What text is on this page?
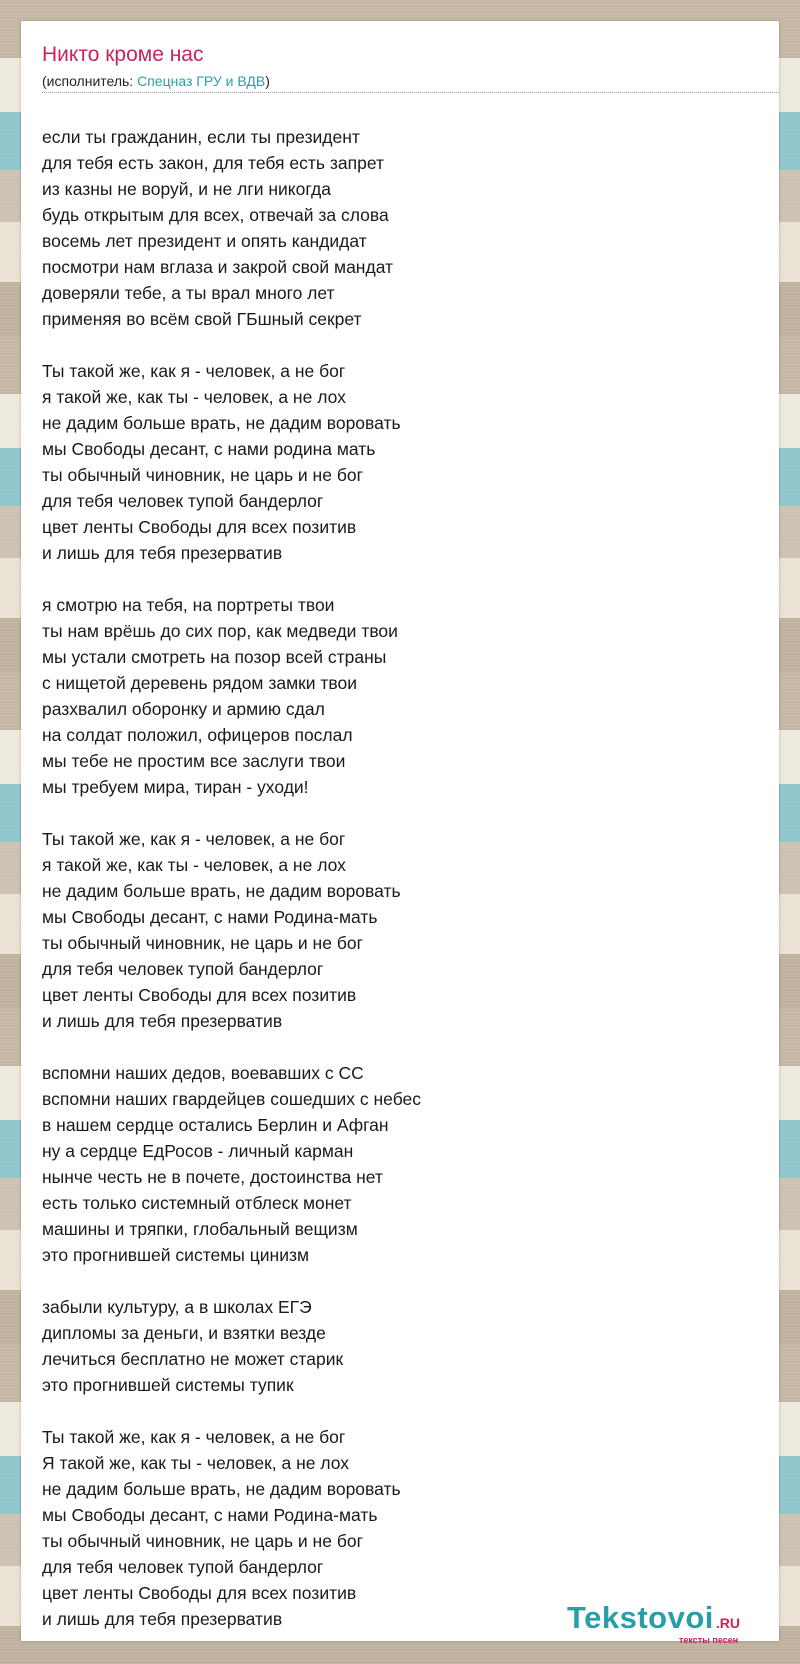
Никто кроме нас
(исполнитель: Спецназ ГРУ и ВДВ)
если ты гражданин, если ты президент
для тебя есть закон, для тебя есть запрет
из казны не воруй, и не лги никогда
будь открытым для всех, отвечай за слова
восемь лет президент и опять кандидат
посмотри нам вглаза и закрой свой мандат
доверяли тебе, а ты врал много лет
применяя во всём свой ГБшный секрет
Ты такой же, как я - человек, а не бог
я такой же, как ты - человек, а не лох
не дадим больше врать, не дадим воровать
мы Свободы десант, с нами родина мать
ты обычный чиновник, не царь и не бог
для тебя человек тупой бандерлог
цвет ленты Свободы для всех позитив
и лишь для тебя презерватив
я смотрю на тебя, на портреты твои
ты нам врёшь до сих пор, как медведи твои
мы устали смотреть на позор всей страны
с нищетой деревень рядом замки твои
разхвалил оборонку и армию сдал
на солдат положил, офицеров послал
мы тебе не простим все заслуги твои
мы требуем мира, тиран - уходи!
Ты такой же, как я - человек, а не бог
я такой же, как ты - человек, а не лох
не дадим больше врать, не дадим воровать
мы Свободы десант, с нами Родина-мать
ты обычный чиновник, не царь и не бог
для тебя человек тупой бандерлог
цвет ленты Свободы для всех позитив
и лишь для тебя презерватив
вспомни наших дедов, воевавших с СС
вспомни наших гвардейцев сошедших с небес
в нашем сердце остались Берлин и Афган
ну а сердце ЕдРосов - личный карман
нынче честь не в почете, достоинства нет
есть только системный отблеск монет
машины и тряпки, глобальный вещизм
это прогнившей системы цинизм
забыли культуру, а в школах ЕГЭ
дипломы за деньги, и взятки везде
лечиться бесплатно не может старик
это прогнившей системы тупик
Ты такой же, как я - человек, а не бог
Я такой же, как ты - человек, а не лох
не дадим больше врать, не дадим воровать
мы Свободы десант, с нами Родина-мать
ты обычный чиновник, не царь и не бог
для тебя человек тупой бандерлог
цвет ленты Свободы для всех позитив
и лишь для тебя презерватив	Tekstovoi .RU
тексты песен
